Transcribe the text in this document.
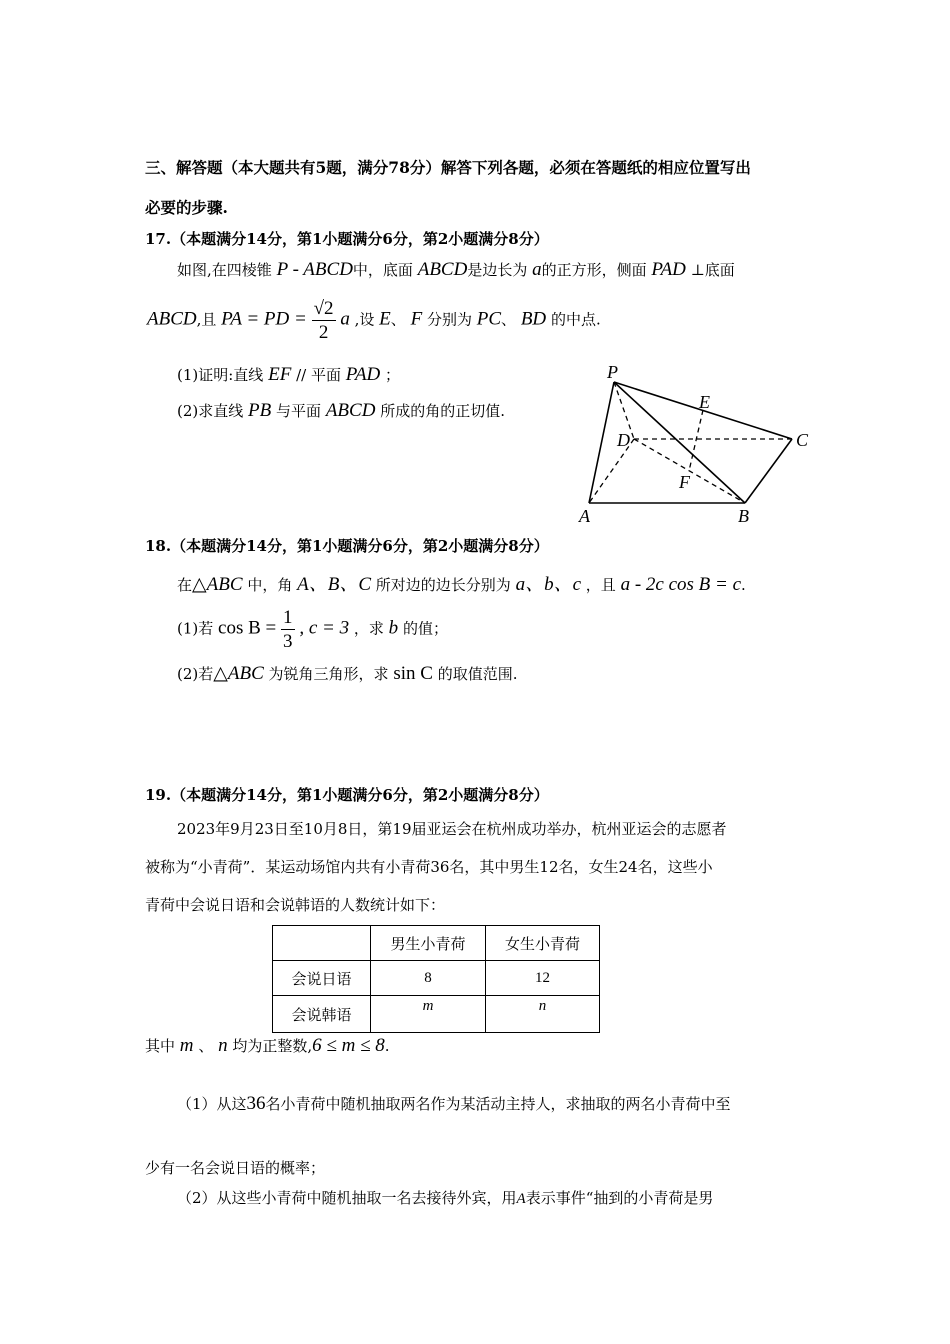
三、解答题（本大题共有5题，满分78分）解答下列各题，必须在答题纸的相应位置写出
必要的步骤.
17.（本题满分14分，第1小题满分6分，第2小题满分8分）
如图,在四棱锥 P - ABCD中，底面 ABCD是边长为 a的正方形，侧面 PAD ⊥底面
ABCD,且 PA = PD = $\frac{√2}{2}$ a ,设 E、 F 分别为 PC、 BD 的中点.
(1)证明:直线 EF // 平面 PAD ；
(2)求直线 PB 与平面 ABCD 所成的角的正切值.
P
E
D	C
F
A	B
18.（本题满分14分，第1小题满分6分，第2小题满分8分）
在△ABC 中，角 A、B、C 所对边的边长分别为 a、b、c ，且 a - 2c cos B = c.
(1)若 $\cos B = \frac{1}{3}$ , c = 3 ，求 b 的值；
(2)若△ABC 为锐角三角形，求 sin C 的取值范围.
19.（本题满分14分，第1小题满分6分，第2小题满分8分）
2023年9月23日至10月8日，第19届亚运会在杭州成功举办，杭州亚运会的志愿者
被称为“小青荷”．某运动场馆内共有小青荷36名，其中男生12名，女生24名，这些小
青荷中会说日语和会说韩语的人数统计如下：
	男生小青荷	女生小青荷
会说日语	8	12
会说韩语	m	n
其中 m 、 n 均为正整数,6 ≤ m ≤ 8.
（1）从这36名小青荷中随机抽取两名作为某活动主持人，求抽取的两名小青荷中至
少有一名会说日语的概率；
（2）从这些小青荷中随机抽取一名去接待外宾，用A表示事件“抽到的小青荷是男
